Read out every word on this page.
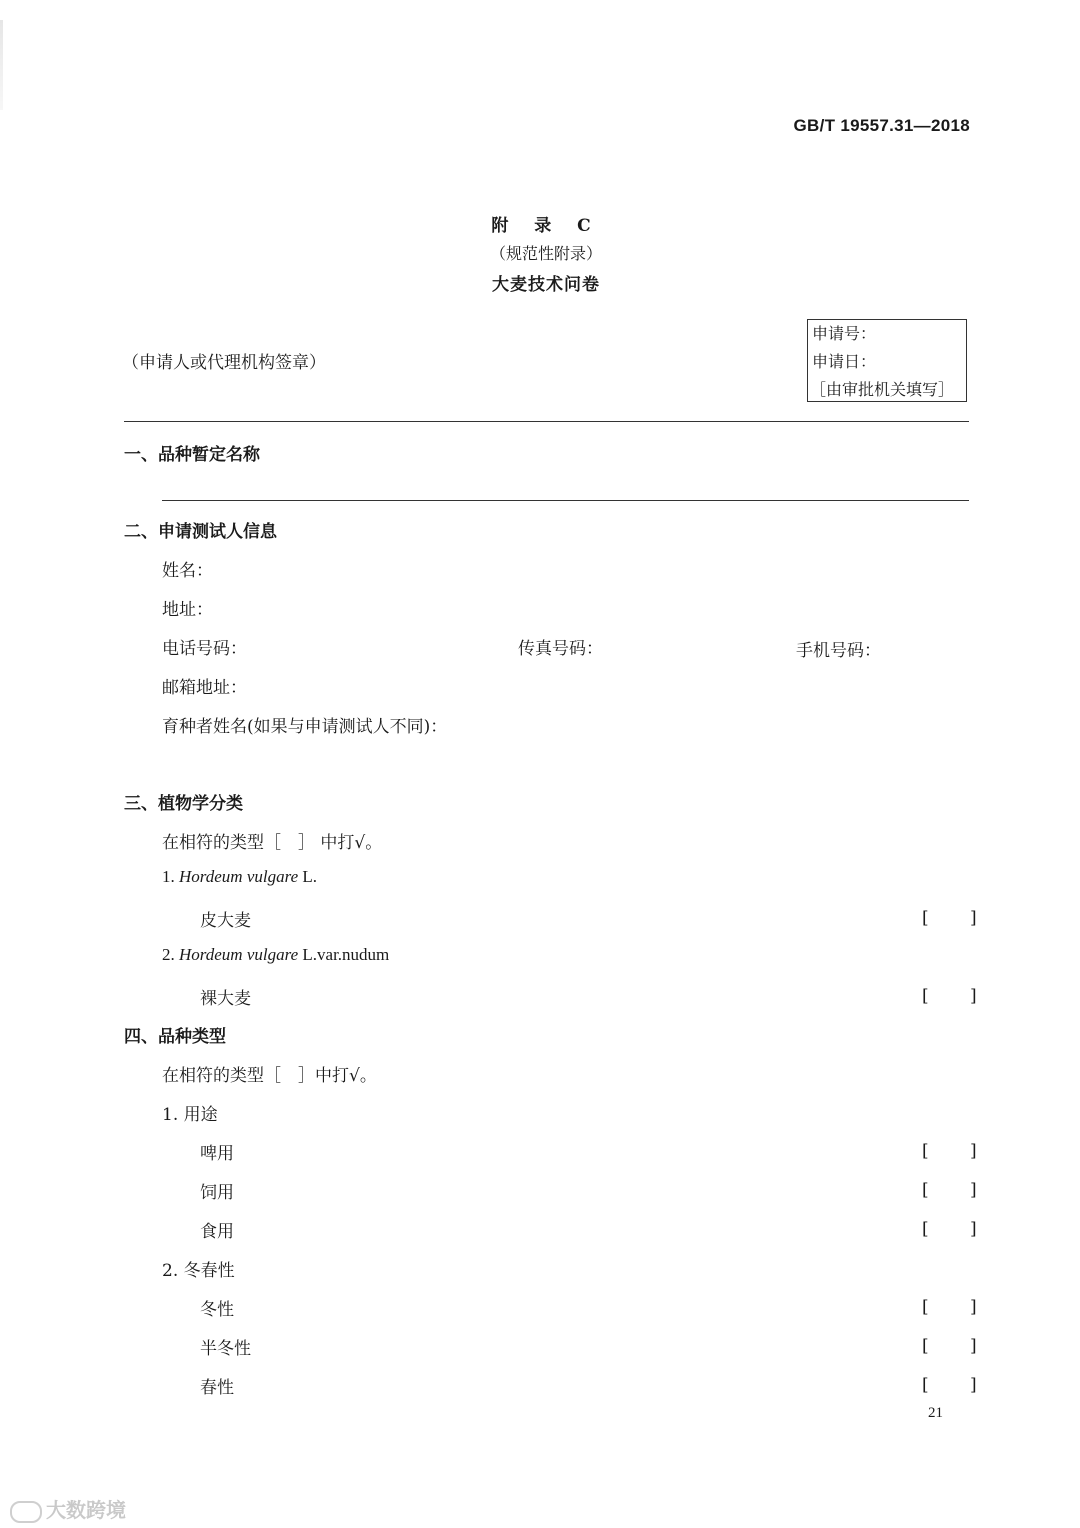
GB/T 19557.31—2018
附 录 C
（规范性附录）
大麦技术问卷
（申请人或代理机构签章）
申请号：
申请日：
［由审批机关填写］
一、品种暂定名称
二、申请测试人信息
姓名：
地址：
电话号码：	传真号码：	手机号码：
邮箱地址：
育种者姓名(如果与申请测试人不同)：
三、植物学分类
在相符的类型［　］ 中打√。
1. Hordeum vulgare L.
皮大麦	[ ]
2. Hordeum vulgare L.var.nudum
裸大麦	[ ]
四、品种类型
在相符的类型［　］中打√。
1. 用途
啤用	[ ]
饲用	[ ]
食用	[ ]
2. 冬春性
冬性	[ ]
半冬性	[ ]
春性	[ ]
21
大数跨境
